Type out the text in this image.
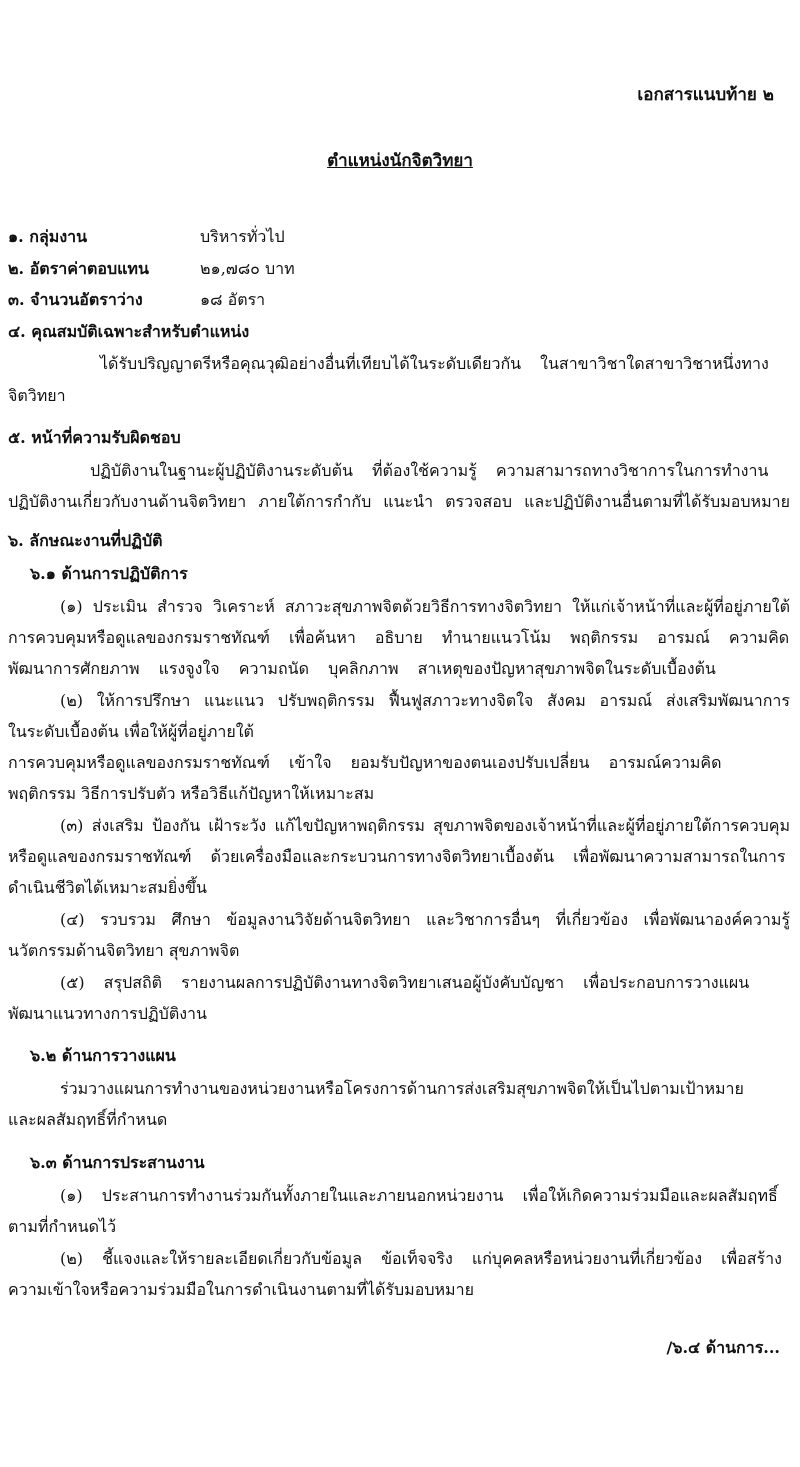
เอกสารแนบท้าย ๒
ตำแหน่งนักจิตวิทยา
๑. กลุ่มงาน	บริหารทั่วไป
๒. อัตราค่าตอบแทน	๒๑,๗๘๐ บาท
๓. จำนวนอัตราว่าง	๑๘ อัตรา
๔. คุณสมบัติเฉพาะสำหรับตำแหน่ง
ได้รับปริญญาตรีหรือคุณวุฒิอย่างอื่นที่เทียบได้ในระดับเดียวกัน ในสาขาวิชาใดสาขาวิชาหนึ่งทาง
จิตวิทยา
๕. หน้าที่ความรับผิดชอบ
ปฏิบัติงานในฐานะผู้ปฏิบัติงานระดับต้น ที่ต้องใช้ความรู้ ความสามารถทางวิชาการในการทำงาน
ปฏิบัติงานเกี่ยวกับงานด้านจิตวิทยา ภายใต้การกำกับ แนะนำ ตรวจสอบ และปฏิบัติงานอื่นตามที่ได้รับมอบหมาย
๖. ลักษณะงานที่ปฏิบัติ
๖.๑ ด้านการปฏิบัติการ
(๑) ประเมิน สำรวจ วิเคราะห์ สภาวะสุขภาพจิตด้วยวิธีการทางจิตวิทยา ให้แก่เจ้าหน้าที่และผู้ที่อยู่ภายใต้
การควบคุมหรือดูแลของกรมราชทัณฑ์ เพื่อค้นหา อธิบาย ทำนายแนวโน้ม พฤติกรรม อารมณ์ ความคิด
พัฒนาการศักยภาพ แรงจูงใจ ความถนัด บุคลิกภาพ สาเหตุของปัญหาสุขภาพจิตในระดับเบื้องต้น
(๒) ให้การปรึกษา แนะแนว ปรับพฤติกรรม ฟื้นฟูสภาวะทางจิตใจ สังคม อารมณ์ ส่งเสริมพัฒนาการ
ในระดับเบื้องต้น เพื่อให้ผู้ที่อยู่ภายใต้
การควบคุมหรือดูแลของกรมราชทัณฑ์ เข้าใจ ยอมรับปัญหาของตนเองปรับเปลี่ยน อารมณ์ความคิด
พฤติกรรม วิธีการปรับตัว หรือวิธีแก้ปัญหาให้เหมาะสม
(๓) ส่งเสริม ป้องกัน เฝ้าระวัง แก้ไขปัญหาพฤติกรรม สุขภาพจิตของเจ้าหน้าที่และผู้ที่อยู่ภายใต้การควบคุม
หรือดูแลของกรมราชทัณฑ์ ด้วยเครื่องมือและกระบวนการทางจิตวิทยาเบื้องต้น เพื่อพัฒนาความสามารถในการ
ดำเนินชีวิตได้เหมาะสมยิ่งขึ้น
(๔) รวบรวม ศึกษา ข้อมูลงานวิจัยด้านจิตวิทยา และวิชาการอื่นๆ ที่เกี่ยวข้อง เพื่อพัฒนาองค์ความรู้
นวัตกรรมด้านจิตวิทยา สุขภาพจิต
(๕) สรุปสถิติ รายงานผลการปฏิบัติงานทางจิตวิทยาเสนอผู้บังคับบัญชา เพื่อประกอบการวางแผน
พัฒนาแนวทางการปฏิบัติงาน
๖.๒ ด้านการวางแผน
ร่วมวางแผนการทำงานของหน่วยงานหรือโครงการด้านการส่งเสริมสุขภาพจิตให้เป็นไปตามเป้าหมาย
และผลสัมฤทธิ์ที่กำหนด
๖.๓ ด้านการประสานงาน
(๑) ประสานการทำงานร่วมกันทั้งภายในและภายนอกหน่วยงาน เพื่อให้เกิดความร่วมมือและผลสัมฤทธิ์
ตามที่กำหนดไว้
(๒) ชี้แจงและให้รายละเอียดเกี่ยวกับข้อมูล ข้อเท็จจริง แก่บุคคลหรือหน่วยงานที่เกี่ยวข้อง เพื่อสร้าง
ความเข้าใจหรือความร่วมมือในการดำเนินงานตามที่ได้รับมอบหมาย
/๖.๔ ด้านการ...
